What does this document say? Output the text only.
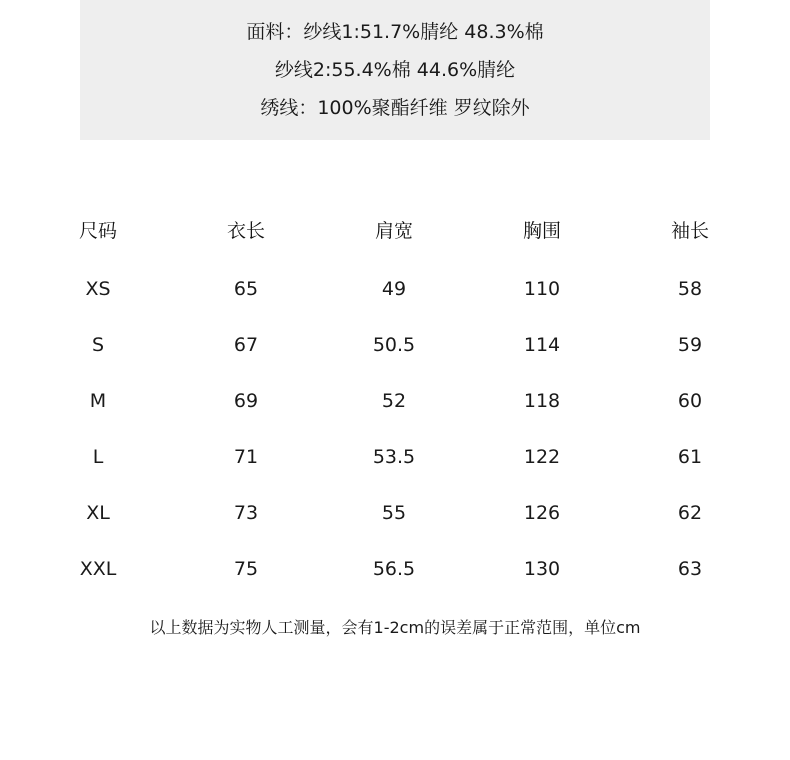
面料：纱线1:51.7%腈纶 48.3%棉
纱线2:55.4%棉 44.6%腈纶
绣线：100%聚酯纤维 罗纹除外
尺码	衣长	肩宽	胸围	袖长
XS	65	49	110	58
S	67	50.5	114	59
M	69	52	118	60
L	71	53.5	122	61
XL	73	55	126	62
XXL	75	56.5	130	63
以上数据为实物人工测量，会有1-2cm的误差属于正常范围，单位cm
